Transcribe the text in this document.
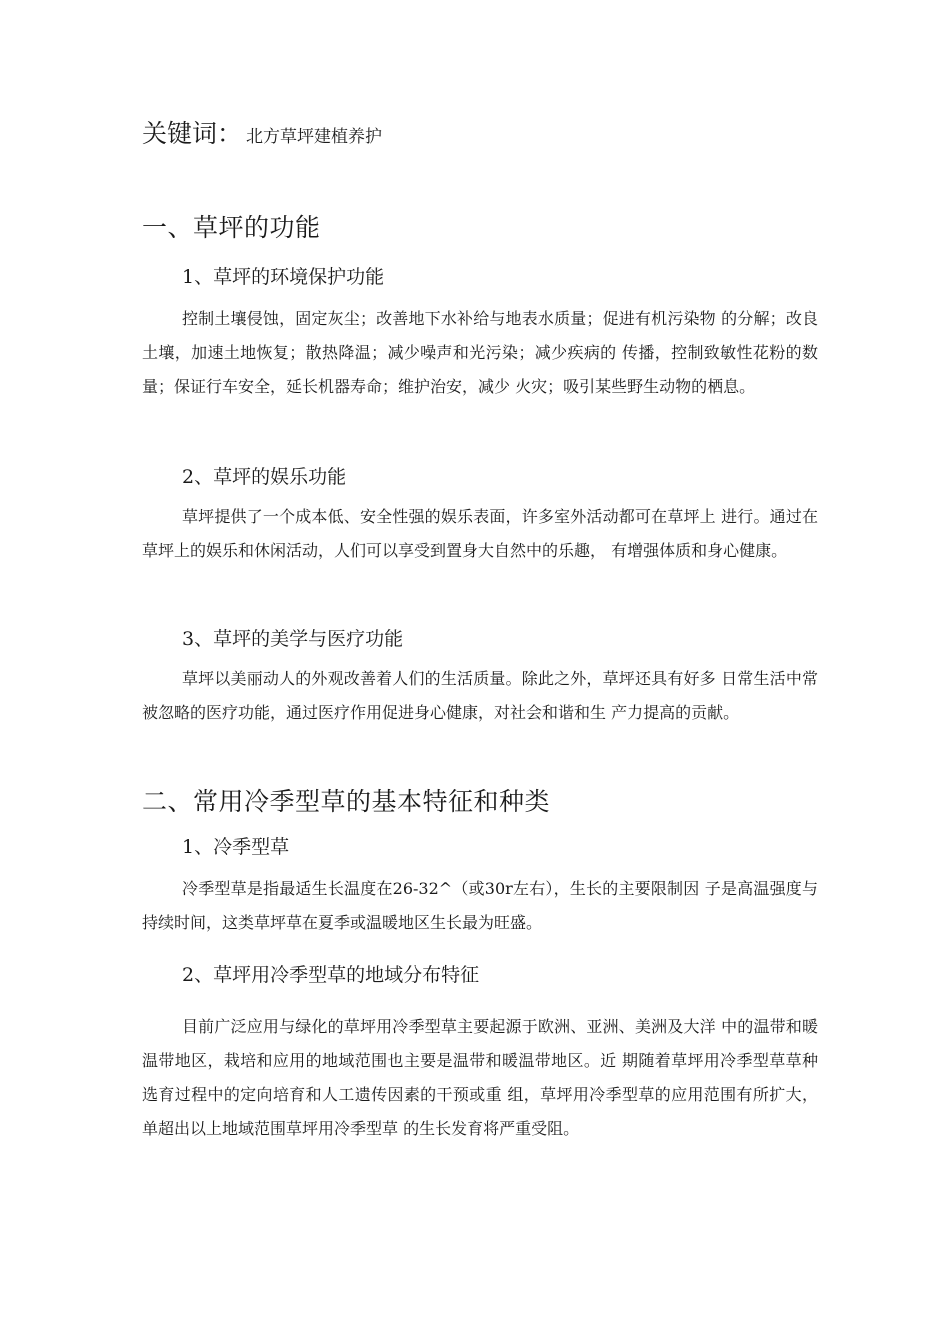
关键词： 北方草坪建植养护
一、草坪的功能
1、草坪的环境保护功能
控制土壤侵蚀，固定灰尘；改善地下水补给与地表水质量；促进有机污染物 的分解；改良土壤，加速土地恢复；散热降温；减少噪声和光污染；减少疾病的 传播，控制致敏性花粉的数量；保证行车安全，延长机器寿命；维护治安，减少 火灾；吸引某些野生动物的栖息。
2、草坪的娱乐功能
草坪提供了一个成本低、安全性强的娱乐表面，许多室外活动都可在草坪上 进行。通过在草坪上的娱乐和休闲活动，人们可以享受到置身大自然中的乐趣， 有增强体质和身心健康。
3、草坪的美学与医疗功能
草坪以美丽动人的外观改善着人们的生活质量。除此之外，草坪还具有好多 日常生活中常被忽略的医疗功能，通过医疗作用促进身心健康，对社会和谐和生 产力提高的贡献。
二、常用冷季型草的基本特征和种类
1、冷季型草
冷季型草是指最适生长温度在26-32^（或30r左右），生长的主要限制因 子是高温强度与持续时间，这类草坪草在夏季或温暖地区生长最为旺盛。
2、草坪用冷季型草的地域分布特征
目前广泛应用与绿化的草坪用冷季型草主要起源于欧洲、亚洲、美洲及大洋 中的温带和暖温带地区，栽培和应用的地域范围也主要是温带和暖温带地区。近 期随着草坪用冷季型草草种选育过程中的定向培育和人工遗传因素的干预或重 组，草坪用冷季型草的应用范围有所扩大，单超出以上地域范围草坪用冷季型草 的生长发育将严重受阻。
